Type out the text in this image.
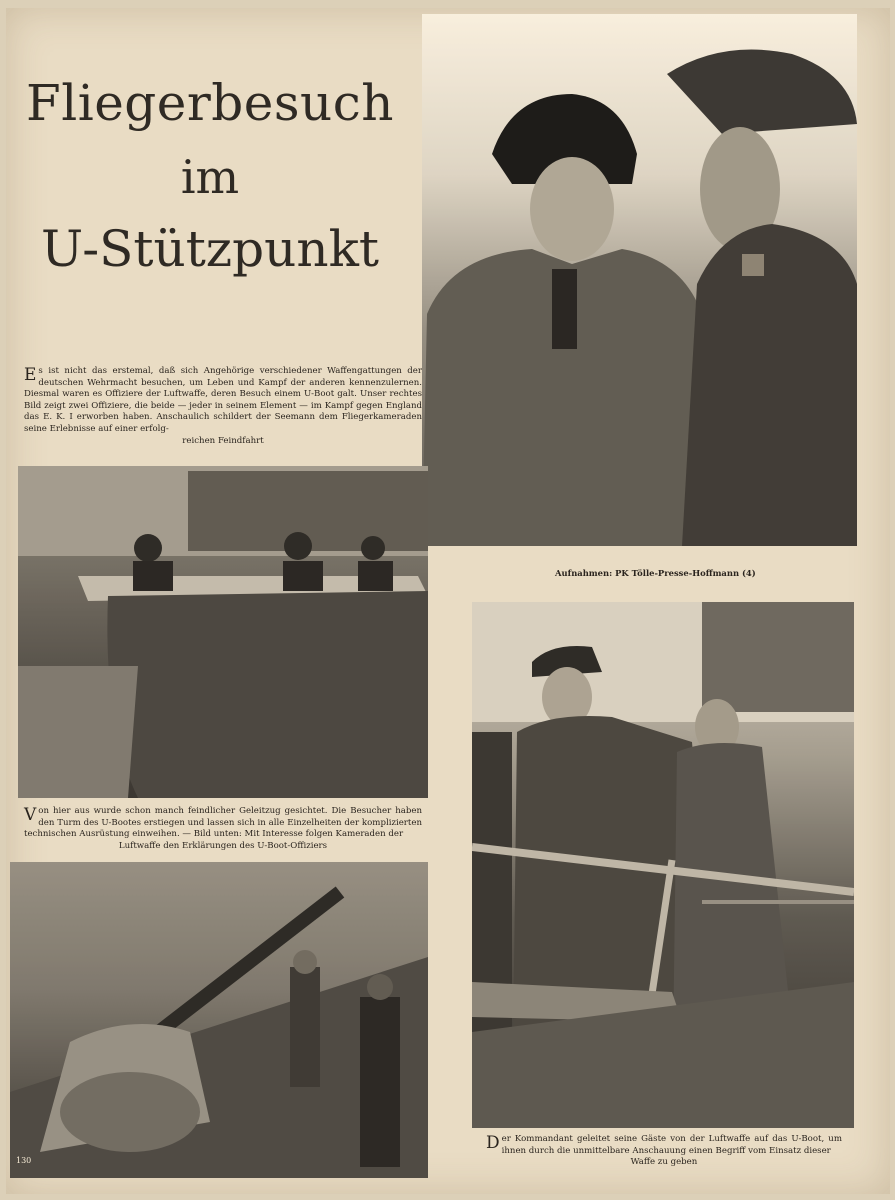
Fliegerbesuch
im
U-Stützpunkt
Es ist nicht das erstemal, daß sich Angehörige verschiedener Waffengattungen der deutschen Wehrmacht besuchen, um Leben und Kampf der anderen kennenzulernen. Diesmal waren es Offiziere der Luftwaffe, deren Besuch einem U-Boot galt. Unser rechtes Bild zeigt zwei Offiziere, die beide — jeder in seinem Element — im Kampf gegen England das E. K. I erworben haben. Anschaulich schildert der Seemann dem Fliegerkameraden seine Erlebnisse auf einer erfolg-
reichen Feindfahrt
Aufnahmen: PK Tölle-Presse-Hoffmann (4)
Von hier aus wurde schon manch feindlicher Geleitzug gesichtet. Die Besucher haben den Turm des U-Bootes erstiegen und lassen sich in alle Einzelheiten der komplizierten technischen Ausrüstung einweihen. — Bild unten: Mit Interesse folgen Kameraden der
Luftwaffe den Erklärungen des U-Boot-Offiziers
130
Der Kommandant geleitet seine Gäste von der Luftwaffe auf das U-Boot, um ihnen durch die unmittelbare Anschauung einen Begriff vom Einsatz dieser
Waffe zu geben
